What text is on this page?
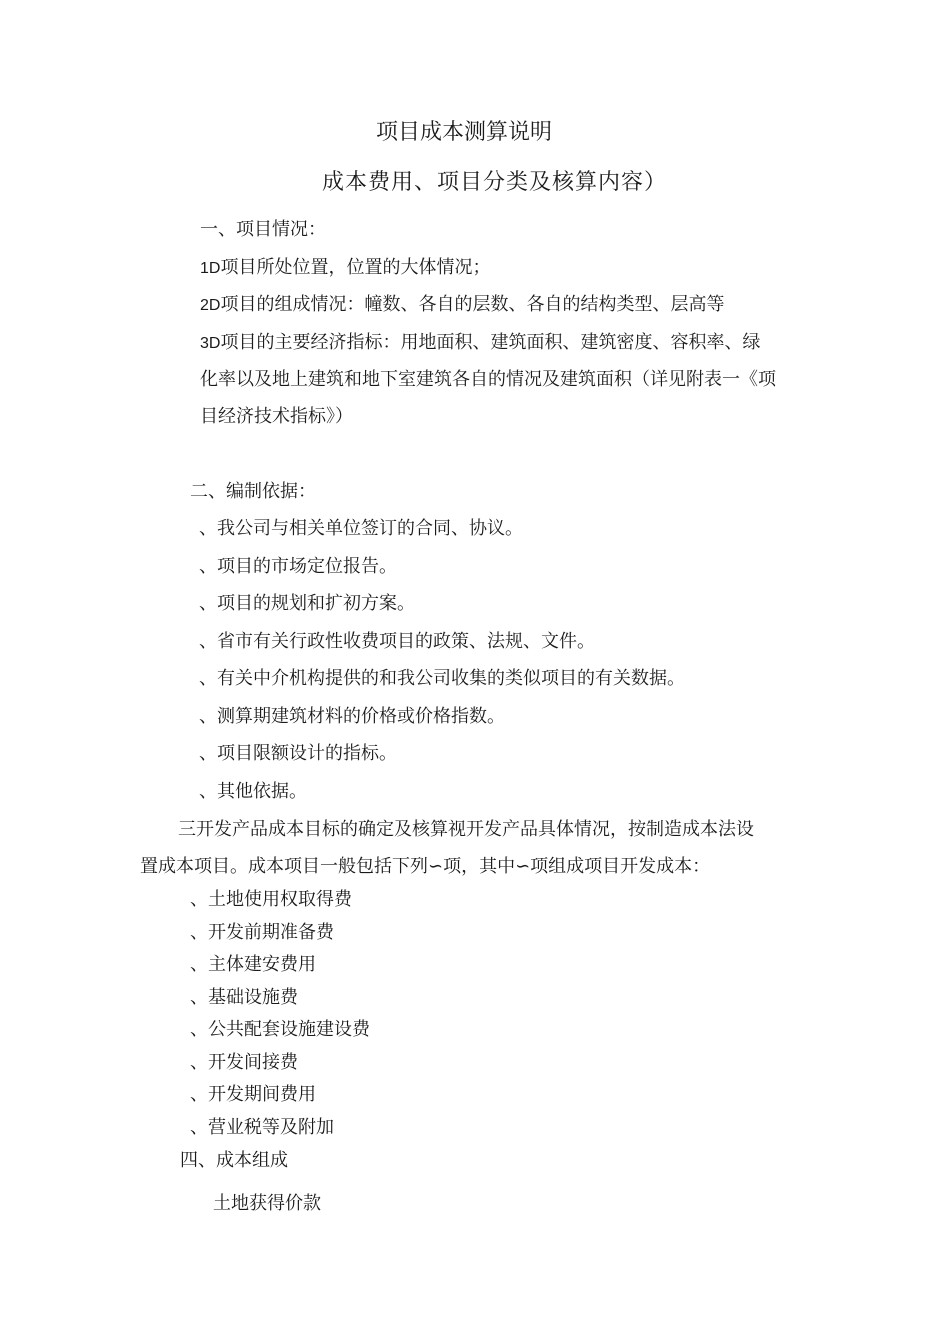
项目成本测算说明
成本费用、项目分类及核算内容）
一、项目情况：
1D项目所处位置，位置的大体情况；
2D项目的组成情况：幢数、各自的层数、各自的结构类型、层高等
3D项目的主要经济指标：用地面积、建筑面积、建筑密度、容积率、绿
化率以及地上建筑和地下室建筑各自的情况及建筑面积（详见附表一《项
目经济技术指标》）
二、编制依据：
、我公司与相关单位签订的合同、协议。
、项目的市场定位报告。
、项目的规划和扩初方案。
、省市有关行政性收费项目的政策、法规、文件。
、有关中介机构提供的和我公司收集的类似项目的有关数据。
、测算期建筑材料的价格或价格指数。
、项目限额设计的指标。
、其他依据。
三开发产品成本目标的确定及核算视开发产品具体情况，按制造成本法设
置成本项目。成本项目一般包括下列∽项，其中∽项组成项目开发成本：
、土地使用权取得费
、开发前期准备费
、主体建安费用
、基础设施费
、公共配套设施建设费
、开发间接费
、开发期间费用
、营业税等及附加
四、成本组成
土地获得价款
